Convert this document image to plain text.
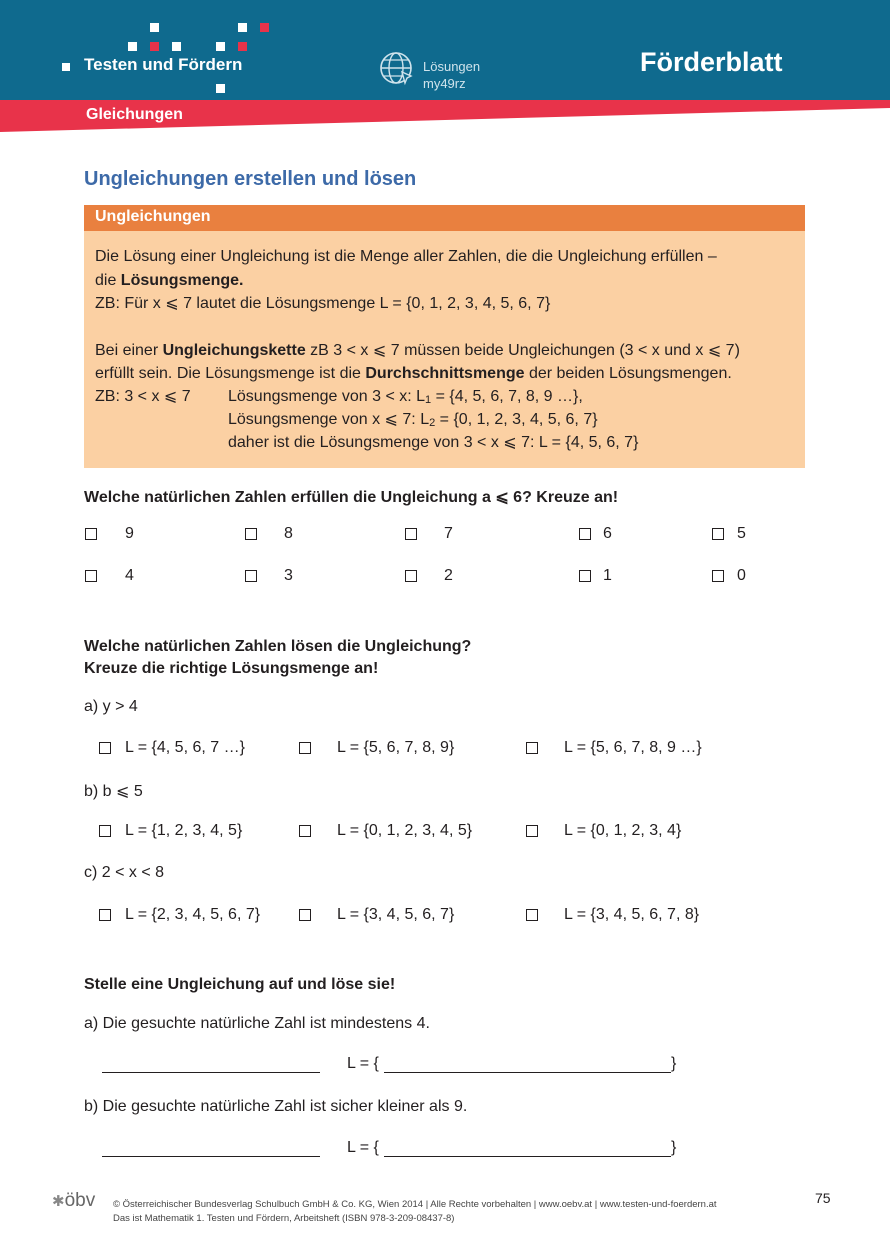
Testen und Fördern	Lösungen
my49rz
Förderblatt
Gleichungen
Ungleichungen erstellen und lösen
Ungleichungen
Die Lösung einer Ungleichung ist die Menge aller Zahlen, die die Ungleichung erfüllen –
die Lösungsmenge.
ZB: Für x ⩽ 7 lautet die Lösungsmenge L = {0, 1, 2, 3, 4, 5, 6, 7}
Bei einer Ungleichungskette zB 3 < x ⩽ 7 müssen beide Ungleichungen (3 < x und x ⩽ 7)
erfüllt sein. Die Lösungsmenge ist die Durchschnittsmenge der beiden Lösungsmengen.
ZB: 3 < x ⩽ 7 Lösungsmenge von 3 < x: $L_1 = \{4$, 5, 6, 7, 8, 9 …},
Lösungsmenge von x ⩽ 7: $L_2 = \{0$, 1, 2, 3, 4, 5, 6, 7}
daher ist die Lösungsmenge von 3 < x ⩽ 7: L = {4, 5, 6, 7}
Welche natürlichen Zahlen erfüllen die Ungleichung a ⩽ 6? Kreuze an!
9	8	7	6	5
4	3	2	1	0
Welche natürlichen Zahlen lösen die Ungleichung?
Kreuze die richtige Lösungsmenge an!
a) y > 4
L = {4, 5, 6, 7 …}	L = {5, 6, 7, 8, 9}	L = {5, 6, 7, 8, 9 …}
b) b ⩽ 5
L = {1, 2, 3, 4, 5}	L = {0, 1, 2, 3, 4, 5}	L = {0, 1, 2, 3, 4}
c) 2 < x < 8
L = {2, 3, 4, 5, 6, 7}	L = {3, 4, 5, 6, 7}	L = {3, 4, 5, 6, 7, 8}
Stelle eine Ungleichung auf und löse sie!
a) Die gesuchte natürliche Zahl ist mindestens 4.
L = {	}
b) Die gesuchte natürliche Zahl ist sicher kleiner als 9.
L = {	}
✱öbv © Österreichischer Bundesverlag Schulbuch GmbH & Co. KG, Wien 2014 | Alle Rechte vorbehalten | www.oebv.at | www.testen-und-foerdern.at
Das ist Mathematik 1. Testen und Fördern, Arbeitsheft (ISBN 978-3-209-08437-8)
75
